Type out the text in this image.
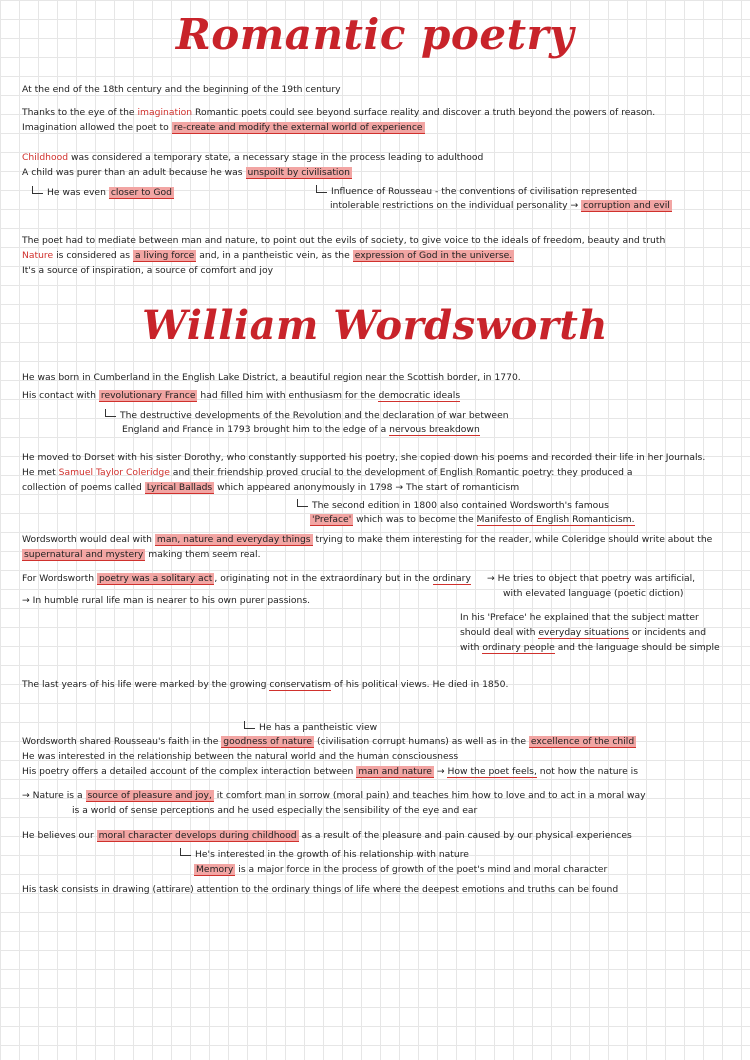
Romantic poetry
At the end of the 18th century and the beginning of the 19th century
Thanks to the eye of the imagination Romantic poets could see beyond surface reality and discover a truth beyond the powers of reason.
Imagination allowed the poet to re-create and modify the external world of experience
Childhood was considered a temporary state, a necessary stage in the process leading to adulthood
A child was purer than an adult because he was unspoilt by civilisation
He was even closer to God	Influence of Rousseau - the conventions of civilisation represented
intolerable restrictions on the individual personality → corruption and evil
The poet had to mediate between man and nature, to point out the evils of society, to give voice to the ideals of freedom, beauty and truth
Nature is considered as a living force and, in a pantheistic vein, as the expression of God in the universe.
It's a source of inspiration, a source of comfort and joy
William Wordsworth
He was born in Cumberland in the English Lake District, a beautiful region near the Scottish border, in 1770.
His contact with revolutionary France had filled him with enthusiasm for the democratic ideals
The destructive developments of the Revolution and the declaration of war between
England and France in 1793 brought him to the edge of a nervous breakdown
He moved to Dorset with his sister Dorothy, who constantly supported his poetry, she copied down his poems and recorded their life in her Journals.
He met Samuel Taylor Coleridge and their friendship proved crucial to the development of English Romantic poetry: they produced a
collection of poems called Lyrical Ballads which appeared anonymously in 1798 → The start of romanticism
The second edition in 1800 also contained Wordsworth's famous
'Preface' which was to become the Manifesto of English Romanticism.
Wordsworth would deal with man, nature and everyday things trying to make them interesting for the reader, while Coleridge should write about the
supernatural and mystery making them seem real.
For Wordsworth poetry was a solitary act , originating not in the extraordinary but in the ordinary → He tries to object that poetry was artificial,
with elevated language (poetic diction)
→ In humble rural life man is nearer to his own purer passions.
In his 'Preface' he explained that the subject matter
should deal with everyday situations or incidents and
with ordinary people and the language should be simple
The last years of his life were marked by the growing conservatism of his political views. He died in 1850.
He has a pantheistic view
Wordsworth shared Rousseau's faith in the goodness of nature (civilisation corrupt humans) as well as in the excellence of the child
He was interested in the relationship between the natural world and the human consciousness
His poetry offers a detailed account of the complex interaction between man and nature → How the poet feels, not how the nature is
→ Nature is a source of pleasure and joy, it comfort man in sorrow (moral pain) and teaches him how to love and to act in a moral way
is a world of sense perceptions and he used especially the sensibility of the eye and ear
He believes our moral character develops during childhood as a result of the pleasure and pain caused by our physical experiences
He's interested in the growth of his relationship with nature
Memory is a major force in the process of growth of the poet's mind and moral character
His task consists in drawing (attirare) attention to the ordinary things of life where the deepest emotions and truths can be found
